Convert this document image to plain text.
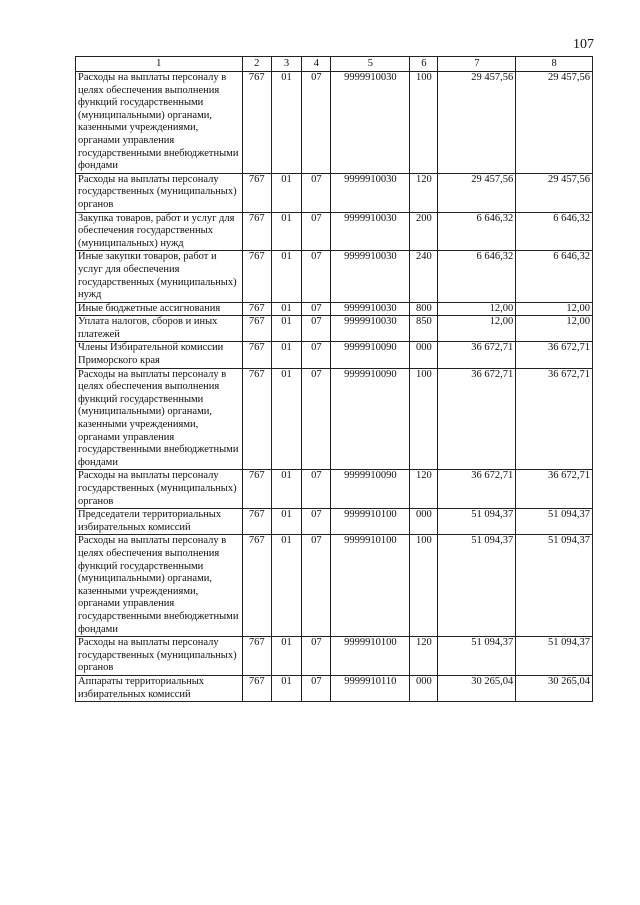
107
1	2	3	4	5	6	7	8
Расходы на выплаты персоналу в целях обеспечения выполнения функций государственными (муниципальными) органами, казенными учреждениями, органами управления государственными внебюджетными фондами	767	01	07	9999910030	100	29 457,56	29 457,56
Расходы на выплаты персоналу государственных (муниципальных) органов	767	01	07	9999910030	120	29 457,56	29 457,56
Закупка товаров, работ и услуг для обеспечения государственных (муниципальных) нужд	767	01	07	9999910030	200	6 646,32	6 646,32
Иные закупки товаров, работ и услуг для обеспечения государственных (муниципальных) нужд	767	01	07	9999910030	240	6 646,32	6 646,32
Иные бюджетные ассигнования	767	01	07	9999910030	800	12,00	12,00
Уплата налогов, сборов и иных платежей	767	01	07	9999910030	850	12,00	12,00
Члены Избирательной комиссии Приморского края	767	01	07	9999910090	000	36 672,71	36 672,71
Расходы на выплаты персоналу в целях обеспечения выполнения функций государственными (муниципальными) органами, казенными учреждениями, органами управления государственными внебюджетными фондами	767	01	07	9999910090	100	36 672,71	36 672,71
Расходы на выплаты персоналу государственных (муниципальных) органов	767	01	07	9999910090	120	36 672,71	36 672,71
Председатели территориальных избирательных комиссий	767	01	07	9999910100	000	51 094,37	51 094,37
Расходы на выплаты персоналу в целях обеспечения выполнения функций государственными (муниципальными) органами, казенными учреждениями, органами управления государственными внебюджетными фондами	767	01	07	9999910100	100	51 094,37	51 094,37
Расходы на выплаты персоналу государственных (муниципальных) органов	767	01	07	9999910100	120	51 094,37	51 094,37
Аппараты территориальных избирательных комиссий	767	01	07	9999910110	000	30 265,04	30 265,04
